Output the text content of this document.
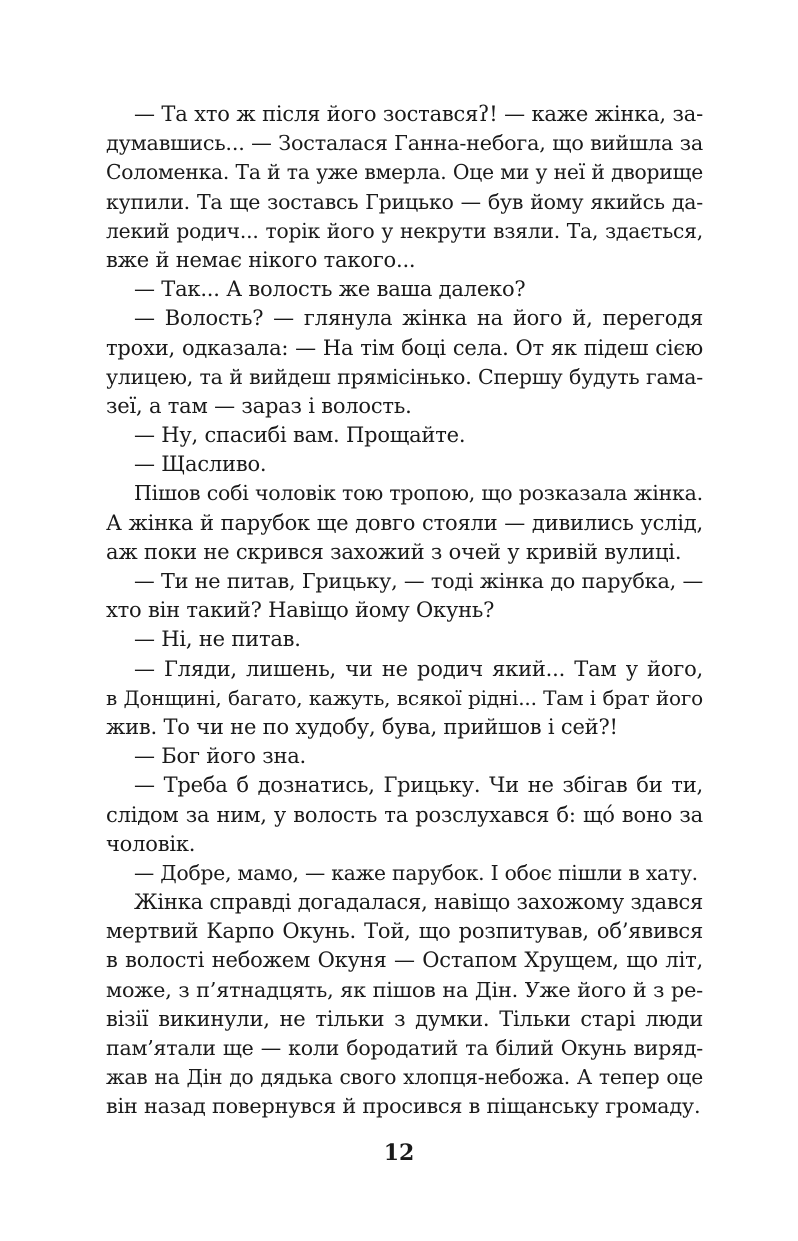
— Та хто ж після його зоставсяʔ! — каже жінка, за-
думавшись... — Зосталася Ганна-небога, що вийшла за
Соломенка. Та й та уже вмерла. Оце ми у неї й дворище
купили. Та ще зоставсь Грицько — був йому якийсь да-
лекий родич... торік його у некрути взяли. Та, здається,
вже й немає нікого такого...
— Так... А волость же ваша далеко?
— Волость? — глянула жінка на його й, перегодя
трохи, одказала: — На тім боці села. От як підеш сією
улицею, та й вийдеш прямісінько. Спершу будуть гама-
зеї, а там — зараз і волость.
— Ну, спасибі вам. Прощайте.
— Щасливо.
Пішов собі чоловік тою тропою, що розказала жінка.
А жінка й парубок ще довго стояли — дивились услід,
аж поки не скрився захожий з очей у кривій вулиці.
— Ти не питав, Грицьку, — тоді жінка до парубка, —
хто він такий? Навіщо йому Окунь?
— Ні, не питав.
— Гляди, лишень, чи не родич який... Там у його,
в Донщині, багато, кажуть, всякої рідні... Там і брат його
жив. То чи не по худобу, бува, прийшов і сей?!
— Бог його зна.
— Треба б дознатись, Грицьку. Чи не збігав би ти,
слідом за ним, у волость та розслухався б: що́ воно за
чоловік.
— Добре, мамо, — каже парубок. І обоє пішли в хату.
Жінка справді догадалася, навіщо захожому здався
мертвий Карпо Окунь. Той, що розпитував, об’явився
в волості небожем Окуня — Остапом Хрущем, що літ,
може, з п’ятнадцять, як пішов на Дін. Уже його й з ре-
візії викинули, не тільки з думки. Тільки старі люди
пам’ятали ще — коли бородатий та білий Окунь виряд-
жав на Дін до дядька свого хлопця-небожа. А тепер оце
він назад повернувся й просився в піщанську громаду.
12
